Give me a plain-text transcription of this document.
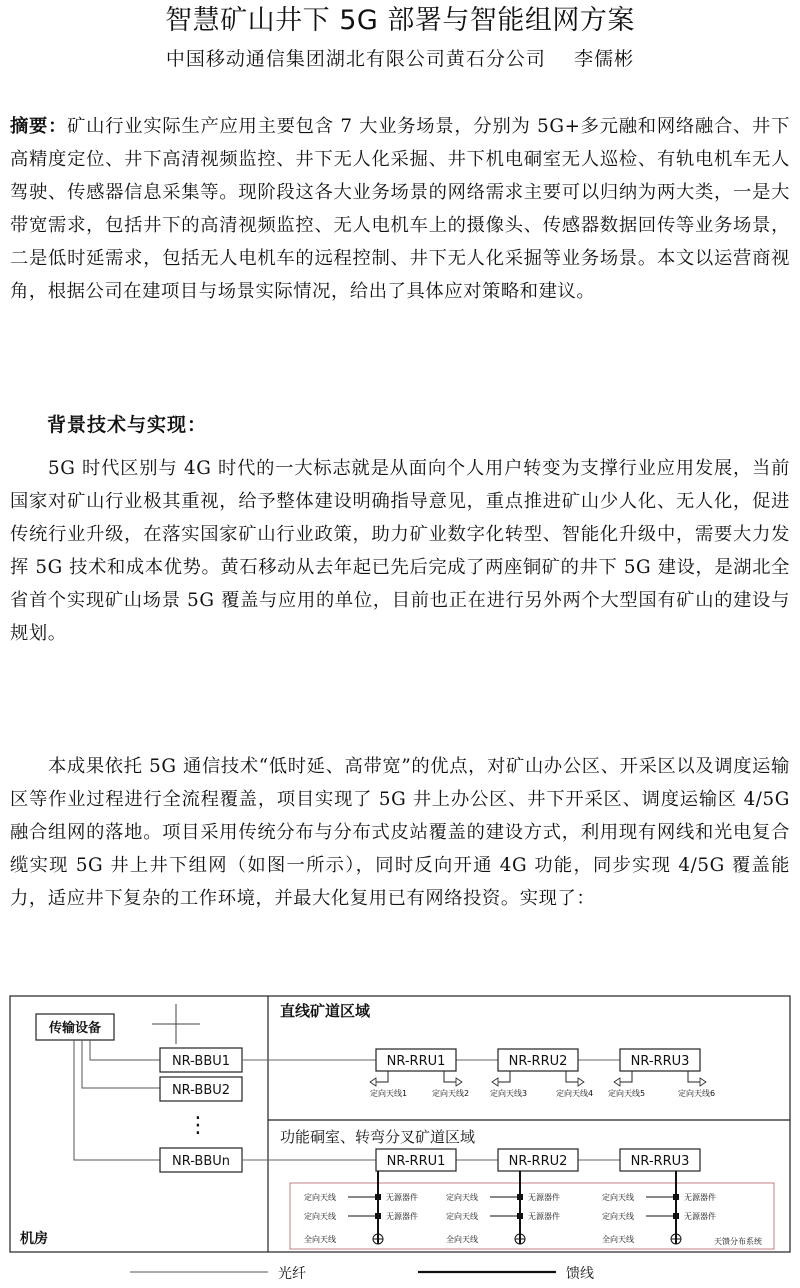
智慧矿山井下 5G 部署与智能组网方案
中国移动通信集团湖北有限公司黄石分公司    李儒彬
摘要：矿山行业实际生产应用主要包含 7 大业务场景，分别为 5G+多元融和网络融合、井下高精度定位、井下高清视频监控、井下无人化采掘、井下机电硐室无人巡检、有轨电机车无人驾驶、传感器信息采集等。现阶段这各大业务场景的网络需求主要可以归纳为两大类，一是大带宽需求，包括井下的高清视频监控、无人电机车上的摄像头、传感器数据回传等业务场景，二是低时延需求，包括无人电机车的远程控制、井下无人化采掘等业务场景。本文以运营商视角，根据公司在建项目与场景实际情况，给出了具体应对策略和建议。
背景技术与实现：
5G 时代区别与 4G 时代的一大标志就是从面向个人用户转变为支撑行业应用发展，当前国家对矿山行业极其重视，给予整体建设明确指导意见，重点推进矿山少人化、无人化，促进传统行业升级，在落实国家矿山行业政策，助力矿业数字化转型、智能化升级中，需要大力发挥 5G 技术和成本优势。黄石移动从去年起已先后完成了两座铜矿的井下 5G 建设，是湖北全省首个实现矿山场景 5G 覆盖与应用的单位，目前也正在进行另外两个大型国有矿山的建设与规划。
本成果依托 5G 通信技术“低时延、高带宽”的优点，对矿山办公区、开采区以及调度运输区等作业过程进行全流程覆盖，项目实现了 5G 井上办公区、井下开采区、调度运输区 4/5G 融合组网的落地。项目采用传统分布与分布式皮站覆盖的建设方式，利用现有网线和光电复合缆实现 5G 井上井下组网（如图一所示），同时反向开通 4G 功能，同步实现 4/5G 覆盖能力，适应井下复杂的工作环境，并最大化复用已有网络投资。实现了：
传输设备
NR-BBU1
NR-BBU2
⋮
NR-BBUn
机房
直线矿道区域
功能硐室、转弯分叉矿道区域
NR-RRU1	NR-RRU2	NR-RRU3
定向天线1	定向天线2	定向天线3	定向天线4 定向天线5	定向天线6
NR-RRU1	NR-RRU2	NR-RRU3
定向天线
定向天线
全向天线
无源器件
无源器件
定向天线
定向天线
全向天线
无源器件
无源器件
定向天线
定向天线
全向天线
无源器件
无源器件
天馈分布系统
光纤	馈线
